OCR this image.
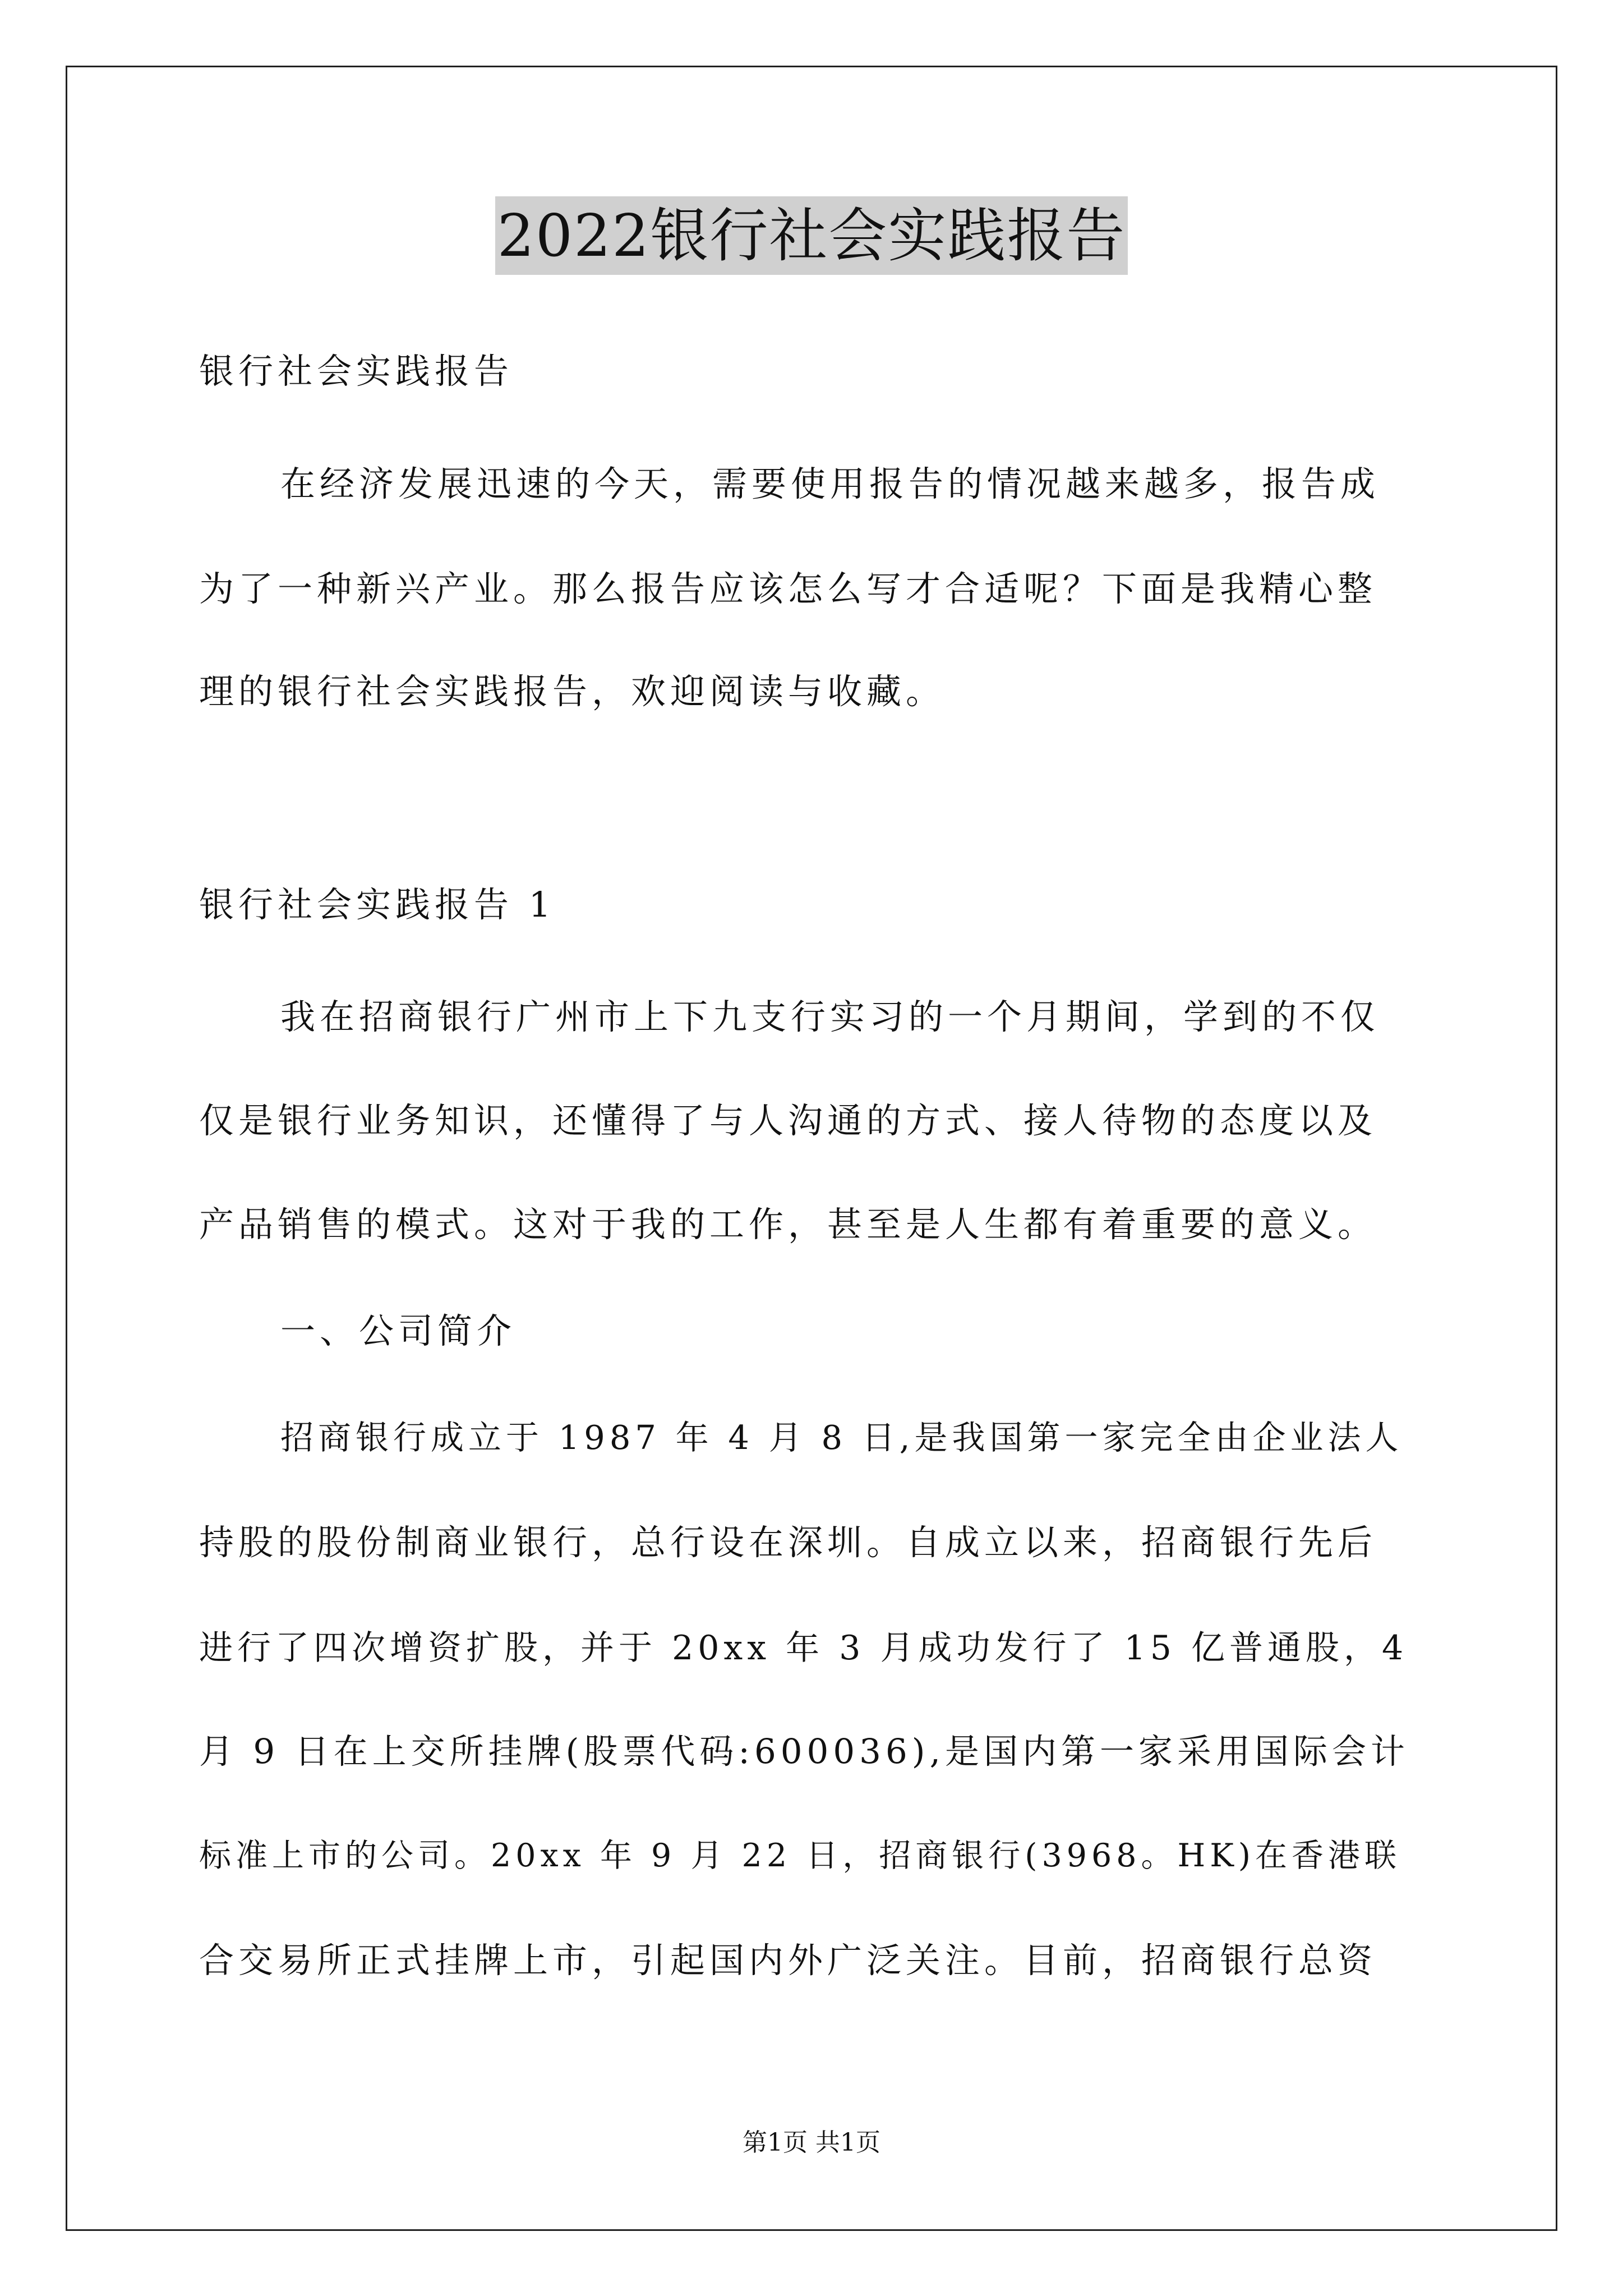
2022银行社会实践报告
银行社会实践报告
在经济发展迅速的今天，需要使用报告的情况越来越多，报告成
为了一种新兴产业。那么报告应该怎么写才合适呢？下面是我精心整
理的银行社会实践报告，欢迎阅读与收藏。
银行社会实践报告 1
我在招商银行广州市上下九支行实习的一个月期间，学到的不仅
仅是银行业务知识，还懂得了与人沟通的方式、接人待物的态度以及
产品销售的模式。这对于我的工作，甚至是人生都有着重要的意义。
一、公司简介
招商银行成立于 1987 年 4 月 8 日,是我国第一家完全由企业法人
持股的股份制商业银行，总行设在深圳。自成立以来，招商银行先后
进行了四次增资扩股，并于 20xx 年 3 月成功发行了 15 亿普通股，4
月 9 日在上交所挂牌(股票代码:600036),是国内第一家采用国际会计
标准上市的公司。20xx 年 9 月 22 日，招商银行(3968。HK)在香港联
合交易所正式挂牌上市，引起国内外广泛关注。目前，招商银行总资
第1页 共1页
